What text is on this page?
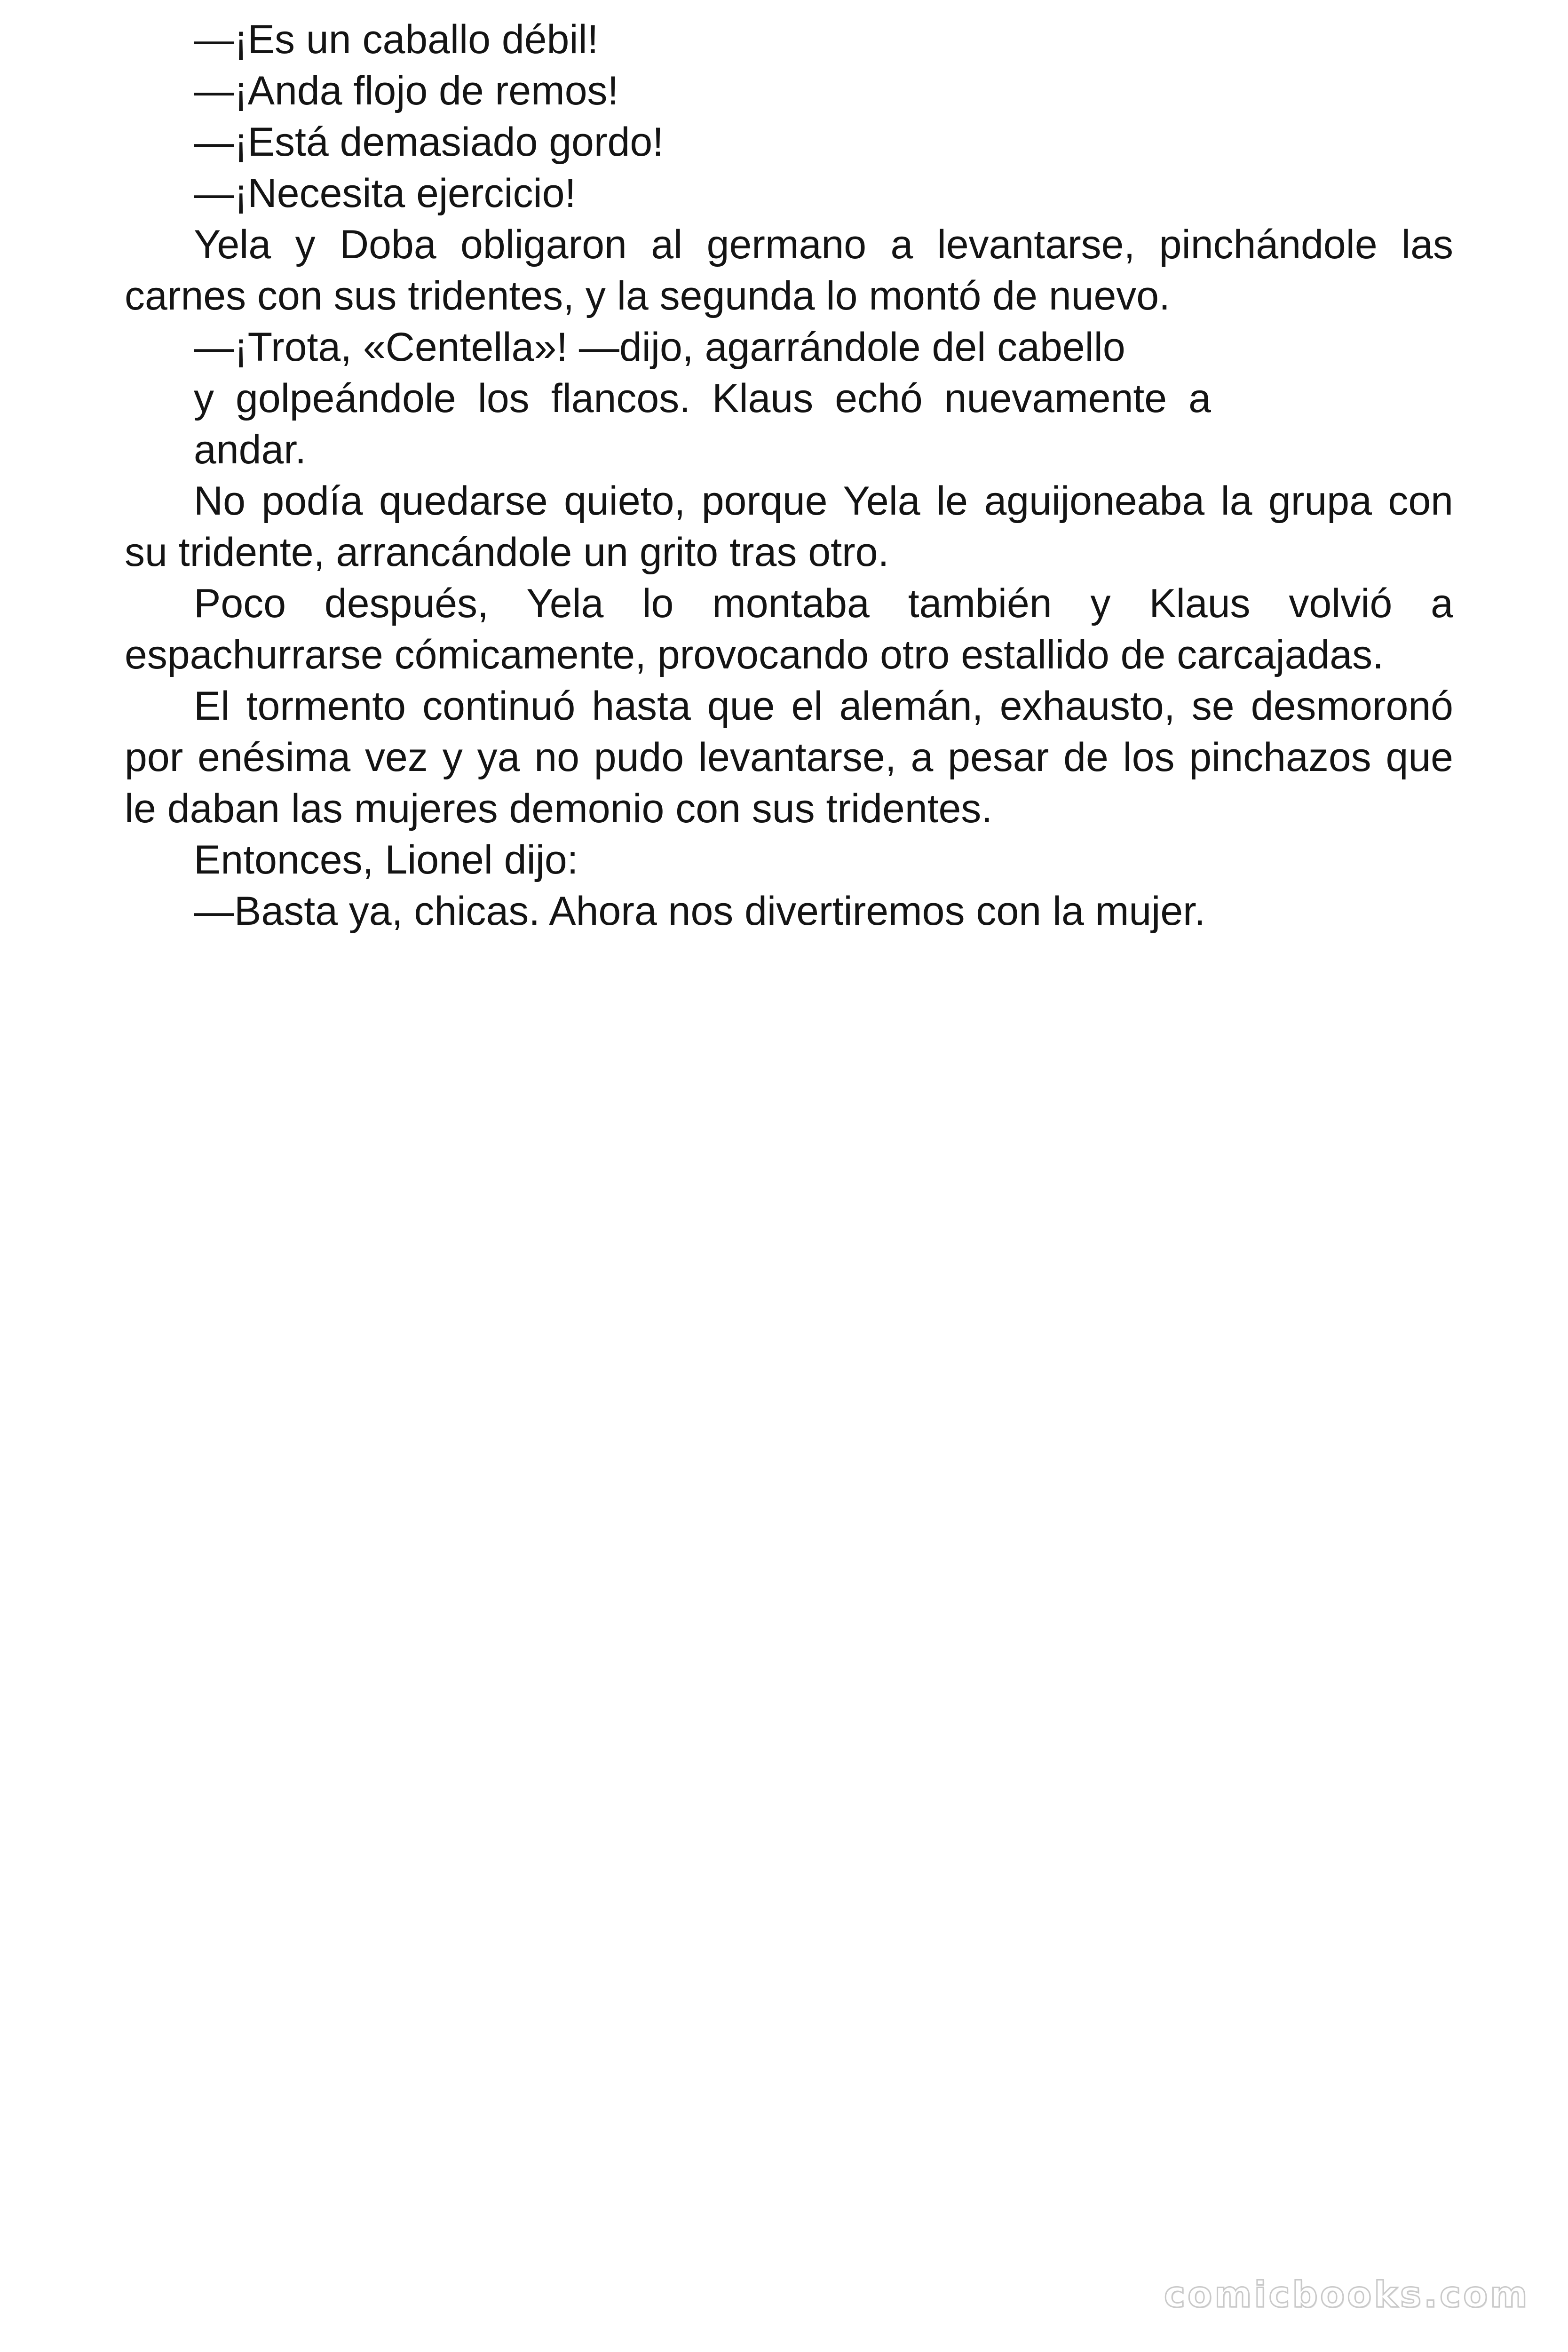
—¡Es un caballo débil!

—¡Anda flojo de remos!

—¡Está demasiado gordo!

—¡Necesita ejercicio!

Yela y Doba obligaron al germano a levantarse, pinchándole las carnes con sus tridentes, y la segunda lo montó de nuevo.

—¡Trota, «Centella»! —dijo, agarrándole del cabello

y golpeándole los flancos. Klaus echó nuevamente a andar.

No podía quedarse quieto, porque Yela le aguijoneaba la grupa con su tridente, arrancándole un grito tras otro.

Poco después, Yela lo montaba también y Klaus volvió a espachurrarse cómicamente, provocando otro estallido de carcajadas.

El tormento continuó hasta que el alemán, exhausto, se desmoronó por enésima vez y ya no pudo levantarse, a pesar de los pinchazos que le daban las mujeres demonio con sus tridentes.

Entonces, Lionel dijo:

—Basta ya, chicas. Ahora nos divertiremos con la mujer.

comicbooks.com
